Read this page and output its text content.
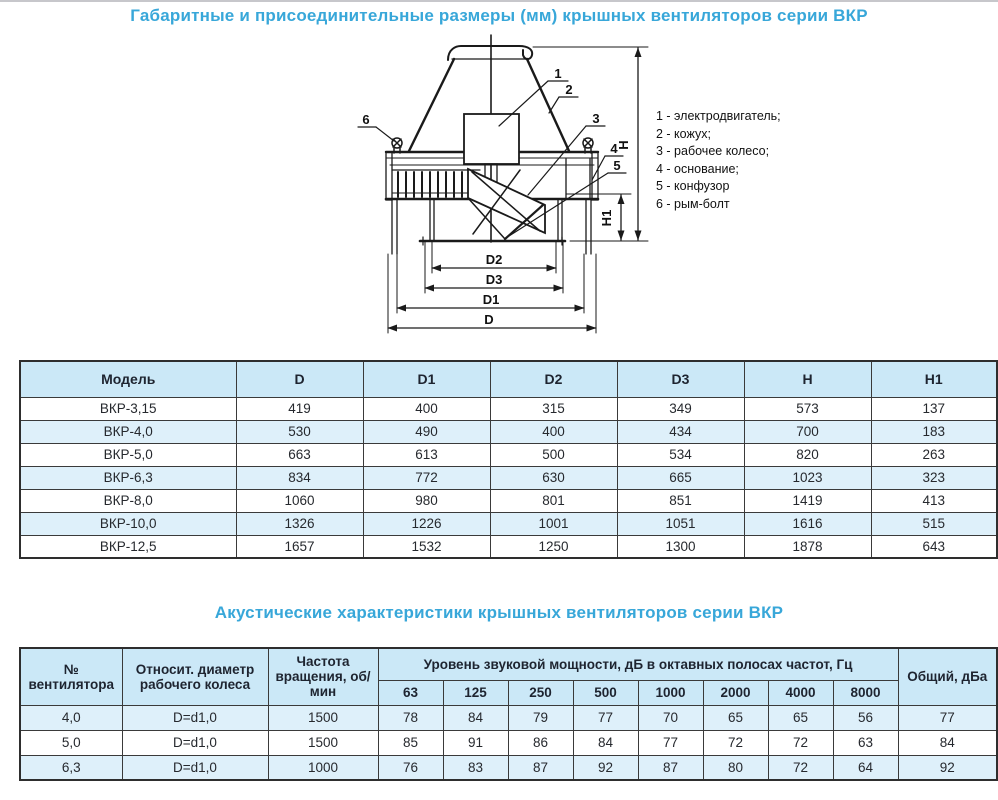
Габаритные и присоединительные размеры (мм) крышных вентиляторов серии ВКР
1
2
3
4
5
6
D2
D3
D1
D
H
H1
1 - электродвигатель;
2 - кожух;
3 - рабочее колесо;
4 - основание;
5 - конфузор
6 - рым-болт
Модель	D	D1	D2	D3	H	H1
ВКР-3,15	419	400	315	349	573	137
ВКР-4,0	530	490	400	434	700	183
ВКР-5,0	663	613	500	534	820	263
ВКР-6,3	834	772	630	665	1023	323
ВКР-8,0	1060	980	801	851	1419	413
ВКР-10,0	1326	1226	1001	1051	1616	515
ВКР-12,5	1657	1532	1250	1300	1878	643
Акустические характеристики крышных вентиляторов серии ВКР
№ вентилятора	Относит. диаметр рабочего колеса	Частота вращения, об/мин	Уровень звуковой мощности, дБ в октавных полосах частот, Гц								Общий, дБа
			63	125	250	500	1000	2000	4000	8000	
4,0	D=d1,0	1500	78	84	79	77	70	65	65	56	77
5,0	D=d1,0	1500	85	91	86	84	77	72	72	63	84
6,3	D=d1,0	1000	76	83	87	92	87	80	72	64	92
